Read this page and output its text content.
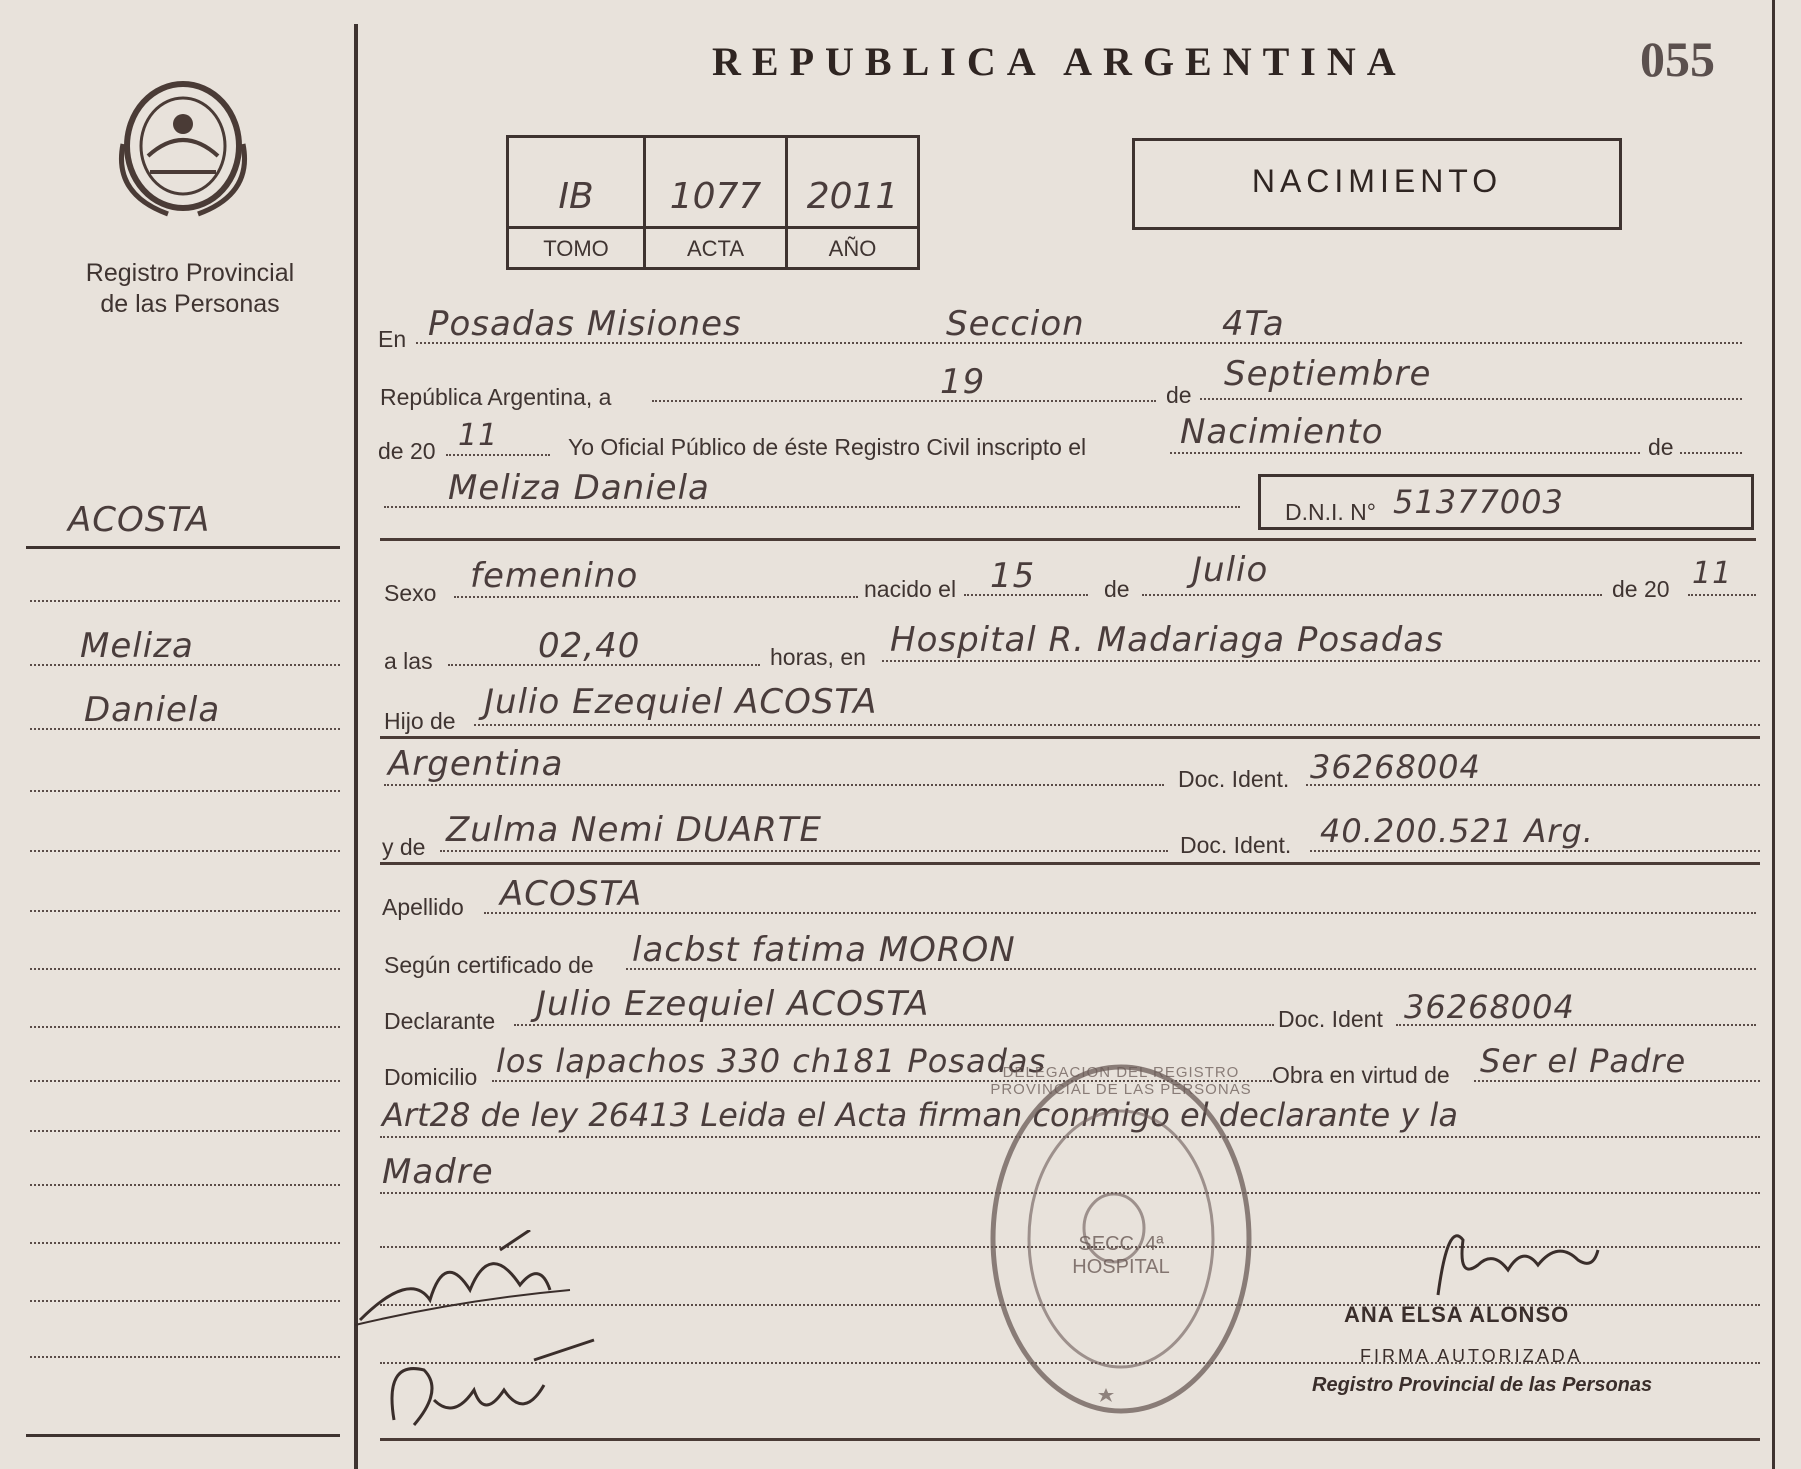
Registro Provincial
de las Personas
ACOSTA
Meliza
Daniela
REPUBLICA ARGENTINA	055
IB	1077	2011
TOMO	ACTA	AÑO
NACIMIENTO
En Posadas Misiones	Seccion	4Ta
República Argentina, a	19	de
Septiembre
de 20 11	Yo Oficial Público de éste Registro Civil inscripto el	Nacimiento	de
Meliza Daniela
D.N.I. N° 51377003
Sexo femenino	nacido el 15	de Julio	de 20 11
a las	02,40	horas, en Hospital R. Madariaga Posadas
Hijo de Julio Ezequiel ACOSTA
Argentina	Doc. Ident. 36268004
y de Zulma Nemi DUARTE	Doc. Ident. 40.200.521 Arg.
Apellido ACOSTA
Según certificado de lacbst fatima MORON
Declarante Julio Ezequiel ACOSTA	Doc. Ident 36268004
Domicilio los lapachos 330 ch181 Posadas	Obra en virtud de Ser el Padre
Art28 de ley 26413 Leida el Acta firman conmigo el declarante y la
Madre
SECC. 4ª HOSPITAL
DELEGACION DEL REGISTRO PROVINCIAL DE LAS PERSONAS
ANA ELSA ALONSO
FIRMA AUTORIZADA
Registro Provincial de las Personas
